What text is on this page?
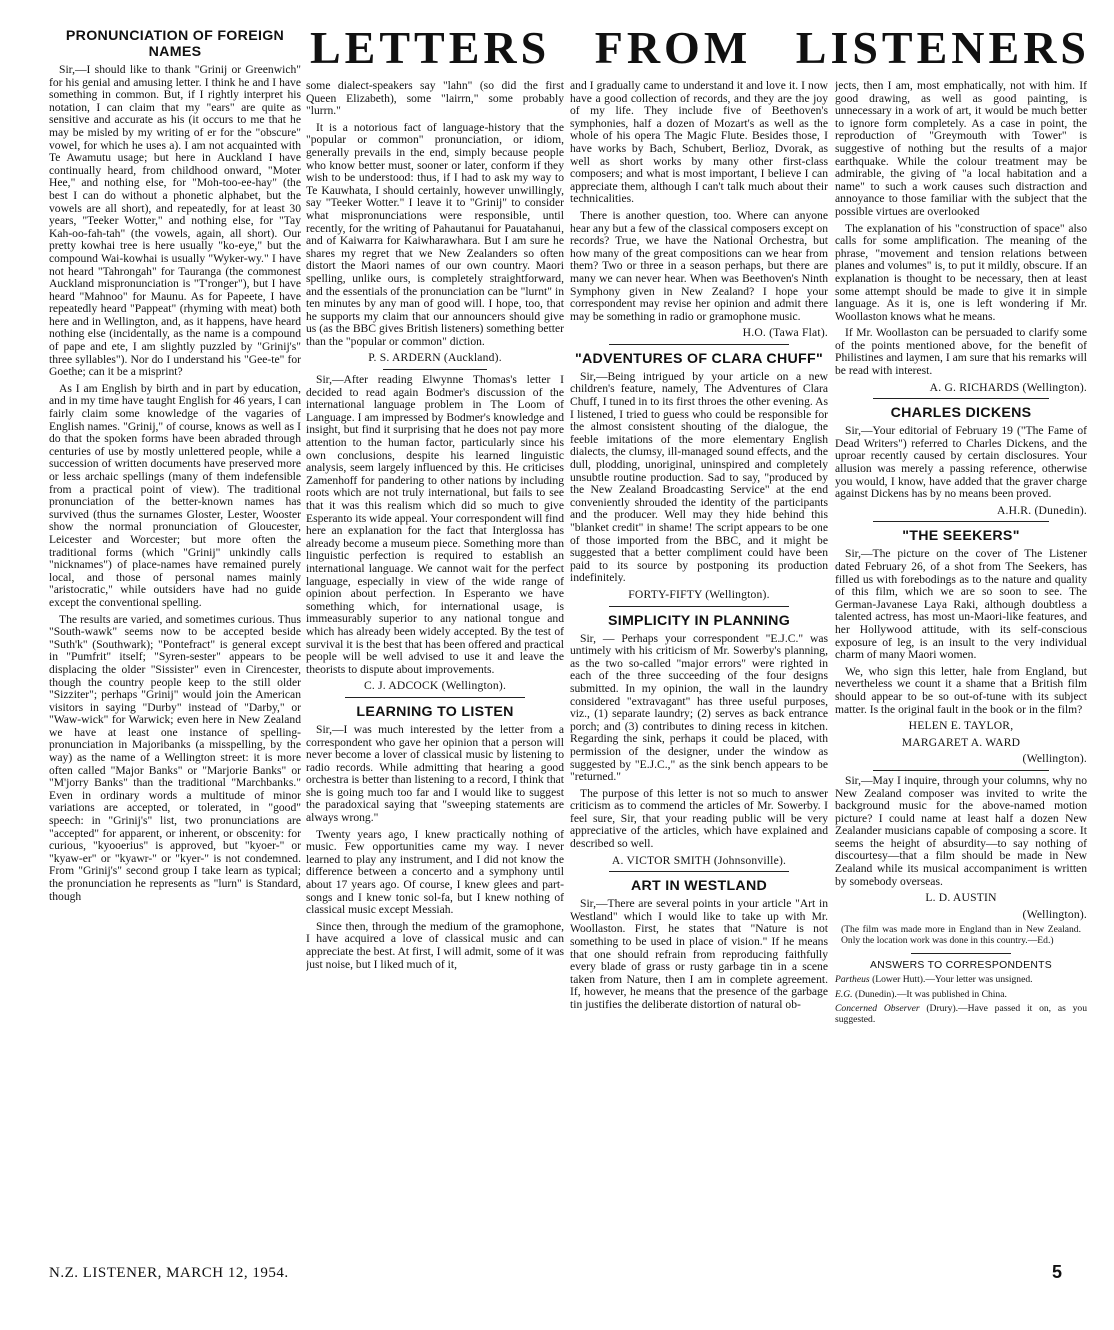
LETTERS FROM LISTENERS
PRONUNCIATION OF FOREIGN NAMES

Sir,—I should like to thank "Grinij or Greenwich" for his genial and amusing letter. I think he and I have something in common. But, if I rightly interpret his notation, I can claim that my "ears" are quite as sensitive and accurate as his (it occurs to me that he may be misled by my writing of er for the "obscure" vowel, for which he uses a). I am not acquainted with Te Awamutu usage; but here in Auckland I have continually heard, from childhood onward, "Moter Hee," and nothing else, for "Moh-too-ee-hay" (the best I can do without a phonetic alphabet, but the vowels are all short), and repeatedly, for at least 30 years, "Teeker Wotter," and nothing else, for "Tay Kah-oo-fah-tah" (the vowels, again, all short). Our pretty kowhai tree is here usually "ko-eye," but the compound Wai-kowhai is usually "Wyker-wy." I have not heard "Tahrongah" for Tauranga (the commonest Auckland mispronunciation is "T'ronger"), but I have heard "Mahnoo" for Maunu. As for Papeete, I have repeatedly heard "Pappeat" (rhyming with meat) both here and in Wellington, and, as it happens, have heard nothing else (incidentally, as the name is a compound of pape and ete, I am slightly puzzled by "Grinij's" three syllables"). Nor do I understand his "Gee-te" for Goethe; can it be a misprint?

As I am English by birth and in part by education, and in my time have taught English for 46 years, I can fairly claim some knowledge of the vagaries of English names. "Grinij," of course, knows as well as I do that the spoken forms have been abraded through centuries of use by mostly unlettered people, while a succession of written documents have preserved more or less archaic spellings (many of them indefensible from a practical point of view). The traditional pronunciation of the better-known names has survived (thus the surnames Gloster, Lester, Wooster show the normal pronunciation of Gloucester, Leicester and Worcester; but more often the traditional forms (which "Grinij" unkindly calls "nicknames") of place-names have remained purely local, and those of personal names mainly "aristocratic," while outsiders have had no guide except the conventional spelling.

The results are varied, and sometimes curious. Thus "South-wawk" seems now to be accepted beside "Suth'k" (Southwark); "Pontefract" is general except in "Pumfrit" itself; "Syren-sester" appears to be displacing the older "Sissister" even in Cirencester, though the country people keep to the still older "Sizziter"; perhaps "Grinij" would join the American visitors in saying "Durby" instead of "Darby," or "Waw-wick" for Warwick; even here in New Zealand we have at least one instance of spelling-pronunciation in Majoribanks (a misspelling, by the way) as the name of a Wellington street: it is more often called "Major Banks" or "Marjorie Banks" or "M'jorry Banks" than the traditional "Marchbanks." Even in ordinary words a multitude of minor variations are accepted, or tolerated, in "good" speech: in "Grinij's" list, two pronunciations are "accepted" for apparent, or inherent, or obscenity: for curious, "kyooerius" is approved, but "kyoer-" or "kyaw-er" or "kyawr-" or "kyer-" is not condemned. From "Grinij's" second group I take learn as typical; the pronunciation he represents as "lurn" is Standard, though

some dialect-speakers say "lahn" (so did the first Queen Elizabeth), some "lairrn," some probably "lurrn."

It is a notorious fact of language-history that the "popular or common" pronunciation, or idiom, generally prevails in the end, simply because people who know better must, sooner or later, conform if they wish to be understood: thus, if I had to ask my way to Te Kauwhata, I should certainly, however unwillingly, say "Teeker Wotter." I leave it to "Grinij" to consider what mispronunciations were responsible, until recently, for the writing of Pahautanui for Pauatahanui, and of Kaiwarra for Kaiwharawhara. But I am sure he shares my regret that we New Zealanders so often distort the Maori names of our own country. Maori spelling, unlike ours, is completely straightforward, and the essentials of the pronunciation can be "lurnt" in ten minutes by any man of good will. I hope, too, that he supports my claim that our announcers should give us (as the BBC gives British listeners) something better than the "popular or common" diction.

P. S. ARDERN (Auckland).

Sir,—After reading Elwynne Thomas's letter I decided to read again Bodmer's discussion of the international language problem in The Loom of Language. I am impressed by Bodmer's knowledge and insight, but find it surprising that he does not pay more attention to the human factor, particularly since his own conclusions, despite his learned linguistic analysis, seem largely influenced by this. He criticises Zamenhoff for pandering to other nations by including roots which are not truly international, but fails to see that it was this realism which did so much to give Esperanto its wide appeal. Your correspondent will find here an explanation for the fact that Interglossa has already become a museum piece. Something more than linguistic perfection is required to establish an international language. We cannot wait for the perfect language, especially in view of the wide range of opinion about perfection. In Esperanto we have something which, for international usage, is immeasurably superior to any national tongue and which has already been widely accepted. By the test of survival it is the best that has been offered and practical people will be well advised to use it and leave the theorists to dispute about improvements.

C. J. ADCOCK (Wellington).
LEARNING TO LISTEN

Sir,—I was much interested by the letter from a correspondent who gave her opinion that a person will never become a lover of classical music by listening to radio records. While admitting that hearing a good orchestra is better than listening to a record, I think that she is going much too far and I would like to suggest the paradoxical saying that "sweeping statements are always wrong."

Twenty years ago, I knew practically nothing of music. Few opportunities came my way. I never learned to play any instrument, and I did not know the difference between a concerto and a symphony until about 17 years ago. Of course, I knew glees and part-songs and I knew tonic sol-fa, but I knew nothing of classical music except Messiah.

Since then, through the medium of the gramophone, I have acquired a love of classical music and can appreciate the best. At first, I will admit, some of it was just noise, but I liked much of it,

and I gradually came to understand it and love it. I now have a good collection of records, and they are the joy of my life. They include five of Beethoven's symphonies, half a dozen of Mozart's as well as the whole of his opera The Magic Flute. Besides those, I have works by Bach, Schubert, Berlioz, Dvorak, as well as short works by many other first-class composers; and what is most important, I believe I can appreciate them, although I can't talk much about their technicalities.

There is another question, too. Where can anyone hear any but a few of the classical composers except on records? True, we have the National Orchestra, but how many of the great compositions can we hear from them? Two or three in a season perhaps, but there are many we can never hear. When was Beethoven's Ninth Symphony given in New Zealand? I hope your correspondent may revise her opinion and admit there may be something in radio or gramophone music.

H.O. (Tawa Flat).
"ADVENTURES OF CLARA CHUFF"

Sir,—Being intrigued by your article on a new children's feature, namely, The Adventures of Clara Chuff, I tuned in to its first throes the other evening. As I listened, I tried to guess who could be responsible for the almost consistent shouting of the dialogue, the feeble imitations of the more elementary English dialects, the clumsy, ill-managed sound effects, and the dull, plodding, unoriginal, uninspired and completely unsubtle routine production. Sad to say, "produced by the New Zealand Broadcasting Service" at the end conveniently shrouded the identity of the participants and the producer. Well may they hide behind this "blanket credit" in shame! The script appears to be one of those imported from the BBC, and it might be suggested that a better compliment could have been paid to its source by postponing its production indefinitely.

FORTY-FIFTY (Wellington).
SIMPLICITY IN PLANNING

Sir, — Perhaps your correspondent "E.J.C." was untimely with his criticism of Mr. Sowerby's planning, as the two so-called "major errors" were righted in each of the three succeeding of the four designs submitted. In my opinion, the wall in the laundry considered "extravagant" has three useful purposes, viz., (1) separate laundry; (2) serves as back entrance porch; and (3) contributes to dining recess in kitchen. Regarding the sink, perhaps it could be placed, with permission of the designer, under the window as suggested by "E.J.C.," as the sink bench appears to be "returned."

The purpose of this letter is not so much to answer criticism as to commend the articles of Mr. Sowerby. I feel sure, Sir, that your reading public will be very appreciative of the articles, which have explained and described so well.

A. VICTOR SMITH (Johnsonville).
ART IN WESTLAND

Sir,—There are several points in your article "Art in Westland" which I would like to take up with Mr. Woollaston. First, he states that "Nature is not something to be used in place of vision." If he means that one should refrain from reproducing faithfully every blade of grass or rusty garbage tin in a scene taken from Nature, then I am in complete agreement. If, however, he means that the presence of the garbage tin justifies the deliberate distortion of natural ob-

jects, then I am, most emphatically, not with him. If good drawing, as well as good painting, is unnecessary in a work of art, it would be much better to ignore form completely. As a case in point, the reproduction of "Greymouth with Tower" is suggestive of nothing but the results of a major earthquake. While the colour treatment may be admirable, the giving of "a local habitation and a name" to such a work causes such distraction and annoyance to those familiar with the subject that the possible virtues are overlooked

The explanation of his "construction of space" also calls for some amplification. The meaning of the phrase, "movement and tension relations between planes and volumes" is, to put it mildly, obscure. If an explanation is thought to be necessary, then at least some attempt should be made to give it in simple language. As it is, one is left wondering if Mr. Woollaston knows what he means.

If Mr. Woollaston can be persuaded to clarify some of the points mentioned above, for the benefit of Philistines and laymen, I am sure that his remarks will be read with interest.

A. G. RICHARDS (Wellington).
CHARLES DICKENS

Sir,—Your editorial of February 19 ("The Fame of Dead Writers") referred to Charles Dickens, and the uproar recently caused by certain disclosures. Your allusion was merely a passing reference, otherwise you would, I know, have added that the graver charge against Dickens has by no means been proved.

A.H.R. (Dunedin).
"THE SEEKERS"

Sir,—The picture on the cover of The Listener dated February 26, of a shot from The Seekers, has filled us with forebodings as to the nature and quality of this film, which we are so soon to see. The German-Javanese Laya Raki, although doubtless a talented actress, has most un-Maori-like features, and her Hollywood attitude, with its self-conscious exposure of leg, is an insult to the very individual charm of many Maori women.

We, who sign this letter, hale from England, but nevertheless we count it a shame that a British film should appear to be so out-of-tune with its subject matter. Is the original fault in the book or in the film?

HELEN E. TAYLOR,
MARGARET A. WARD
(Wellington).

Sir,—May I inquire, through your columns, why no New Zealand composer was invited to write the background music for the above-named motion picture? I could name at least half a dozen New Zealander musicians capable of composing a score. It seems the height of absurdity—to say nothing of discourtesy—that a film should be made in New Zealand while its musical accompaniment is written by somebody overseas.

L. D. AUSTIN
(Wellington).
(The film was made more in England than in New Zealand. Only the location work was done in this country.—Ed.)
ANSWERS TO CORRESPONDENTS
Partheus (Lower Hutt).—Your letter was unsigned.
E.G. (Dunedin).—It was published in China.
Concerned Observer (Drury).—Have passed it on, as you suggested.
N.Z. LISTENER, MARCH 12, 1954.	5
